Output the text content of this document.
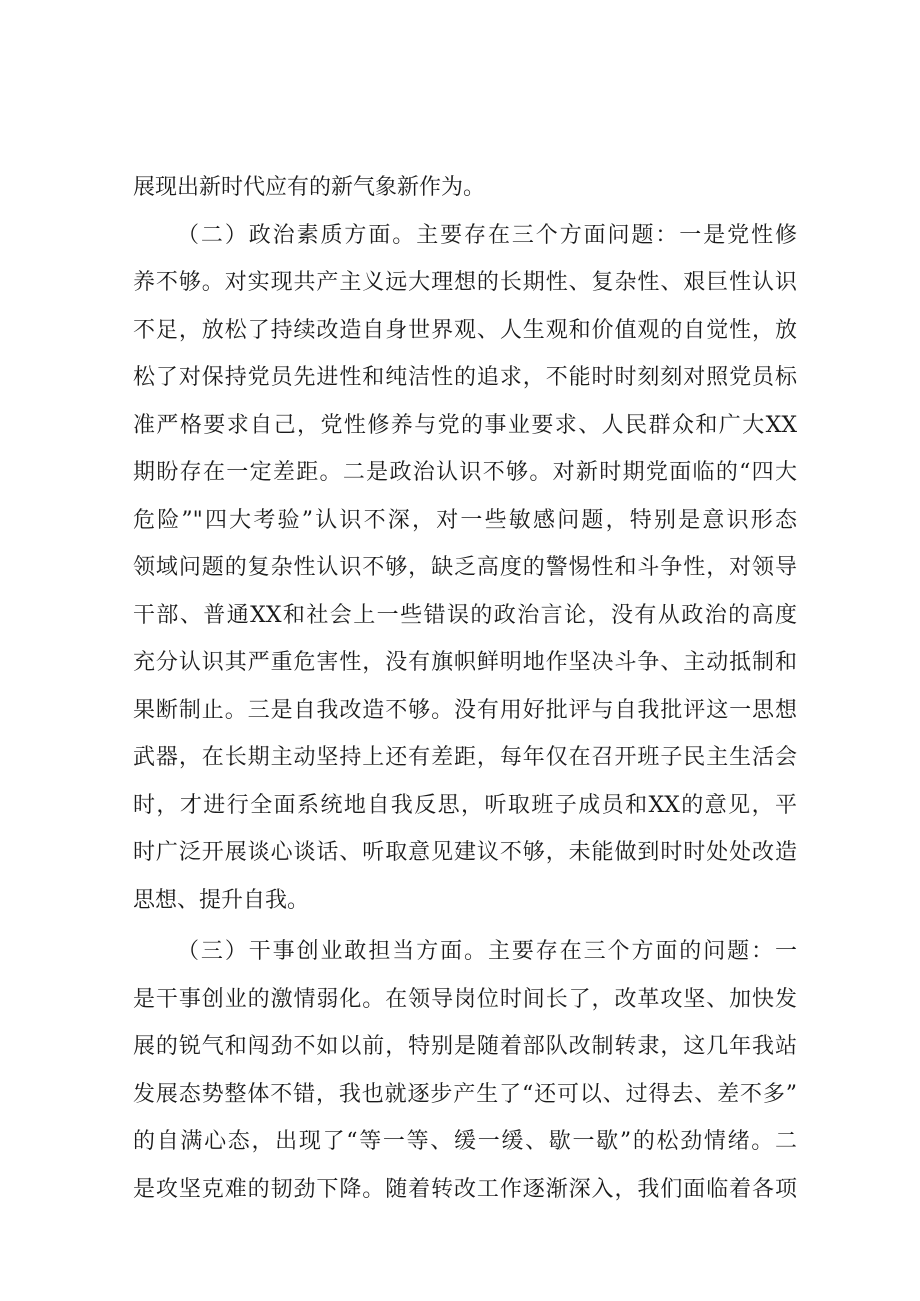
展现出新时代应有的新气象新作为。
（二）政治素质方面。主要存在三个方面问题：一是党性修
养不够。对实现共产主义远大理想的长期性、复杂性、艰巨性认识
不足，放松了持续改造自身世界观、人生观和价值观的自觉性，放
松了对保持党员先进性和纯洁性的追求，不能时时刻刻对照党员标
准严格要求自己，党性修养与党的事业要求、人民群众和广大XX
期盼存在一定差距。二是政治认识不够。对新时期党面临的“四大
危险”"四大考验”认识不深，对一些敏感问题，特别是意识形态
领域问题的复杂性认识不够，缺乏高度的警惕性和斗争性，对领导
干部、普通XX和社会上一些错误的政治言论，没有从政治的高度
充分认识其严重危害性，没有旗帜鲜明地作坚决斗争、主动抵制和
果断制止。三是自我改造不够。没有用好批评与自我批评这一思想
武器，在长期主动坚持上还有差距，每年仅在召开班子民主生活会
时，才进行全面系统地自我反思，听取班子成员和XX的意见，平
时广泛开展谈心谈话、听取意见建议不够，未能做到时时处处改造
思想、提升自我。
（三）干事创业敢担当方面。主要存在三个方面的问题：一
是干事创业的激情弱化。在领导岗位时间长了，改革攻坚、加快发
展的锐气和闯劲不如以前，特别是随着部队改制转隶，这几年我站
发展态势整体不错，我也就逐步产生了“还可以、过得去、差不多”
的自满心态，出现了“等一等、缓一缓、歇一歇”的松劲情绪。二
是攻坚克难的韧劲下降。随着转改工作逐渐深入，我们面临着各项
